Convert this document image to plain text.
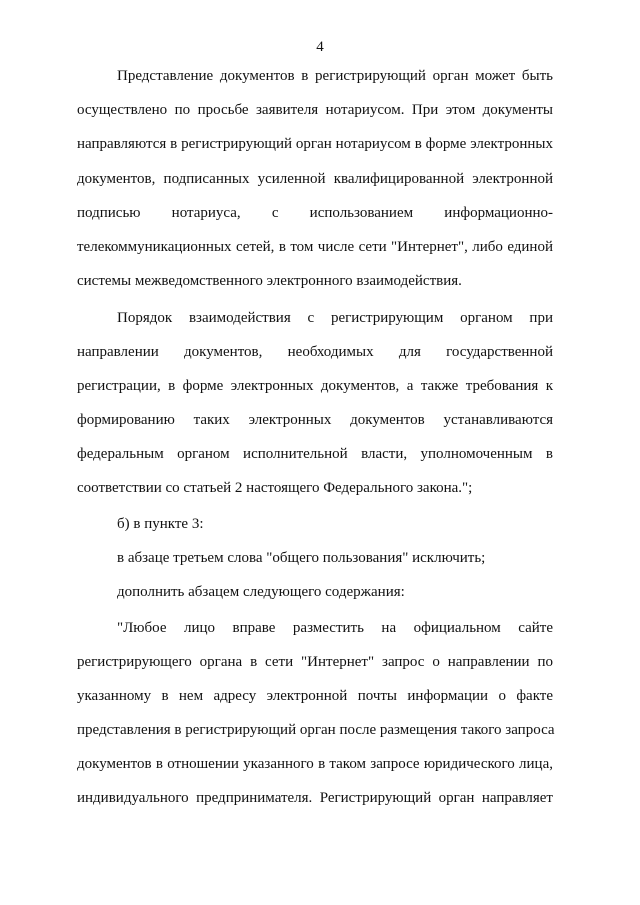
4
Представление документов в регистрирующий орган может быть
осуществлено по просьбе заявителя нотариусом. При этом документы
направляются в регистрирующий орган нотариусом в форме электронных
документов, подписанных усиленной квалифицированной электронной
подписью нотариуса, с использованием информационно-
телекоммуникационных сетей, в том числе сети "Интернет", либо единой
системы межведомственного электронного взаимодействия.
Порядок взаимодействия с регистрирующим органом при
направлении документов, необходимых для государственной
регистрации, в форме электронных документов, а также требования к
формированию таких электронных документов устанавливаются
федеральным органом исполнительной власти, уполномоченным в
соответствии со статьей 2 настоящего Федерального закона.";
б) в пункте 3:
в абзаце третьем слова "общего пользования" исключить;
дополнить абзацем следующего содержания:
"Любое лицо вправе разместить на официальном сайте
регистрирующего органа в сети "Интернет" запрос о направлении по
указанному в нем адресу электронной почты информации о факте
представления в регистрирующий орган после размещения такого запроса
документов в отношении указанного в таком запросе юридического лица,
индивидуального предпринимателя. Регистрирующий орган направляет
